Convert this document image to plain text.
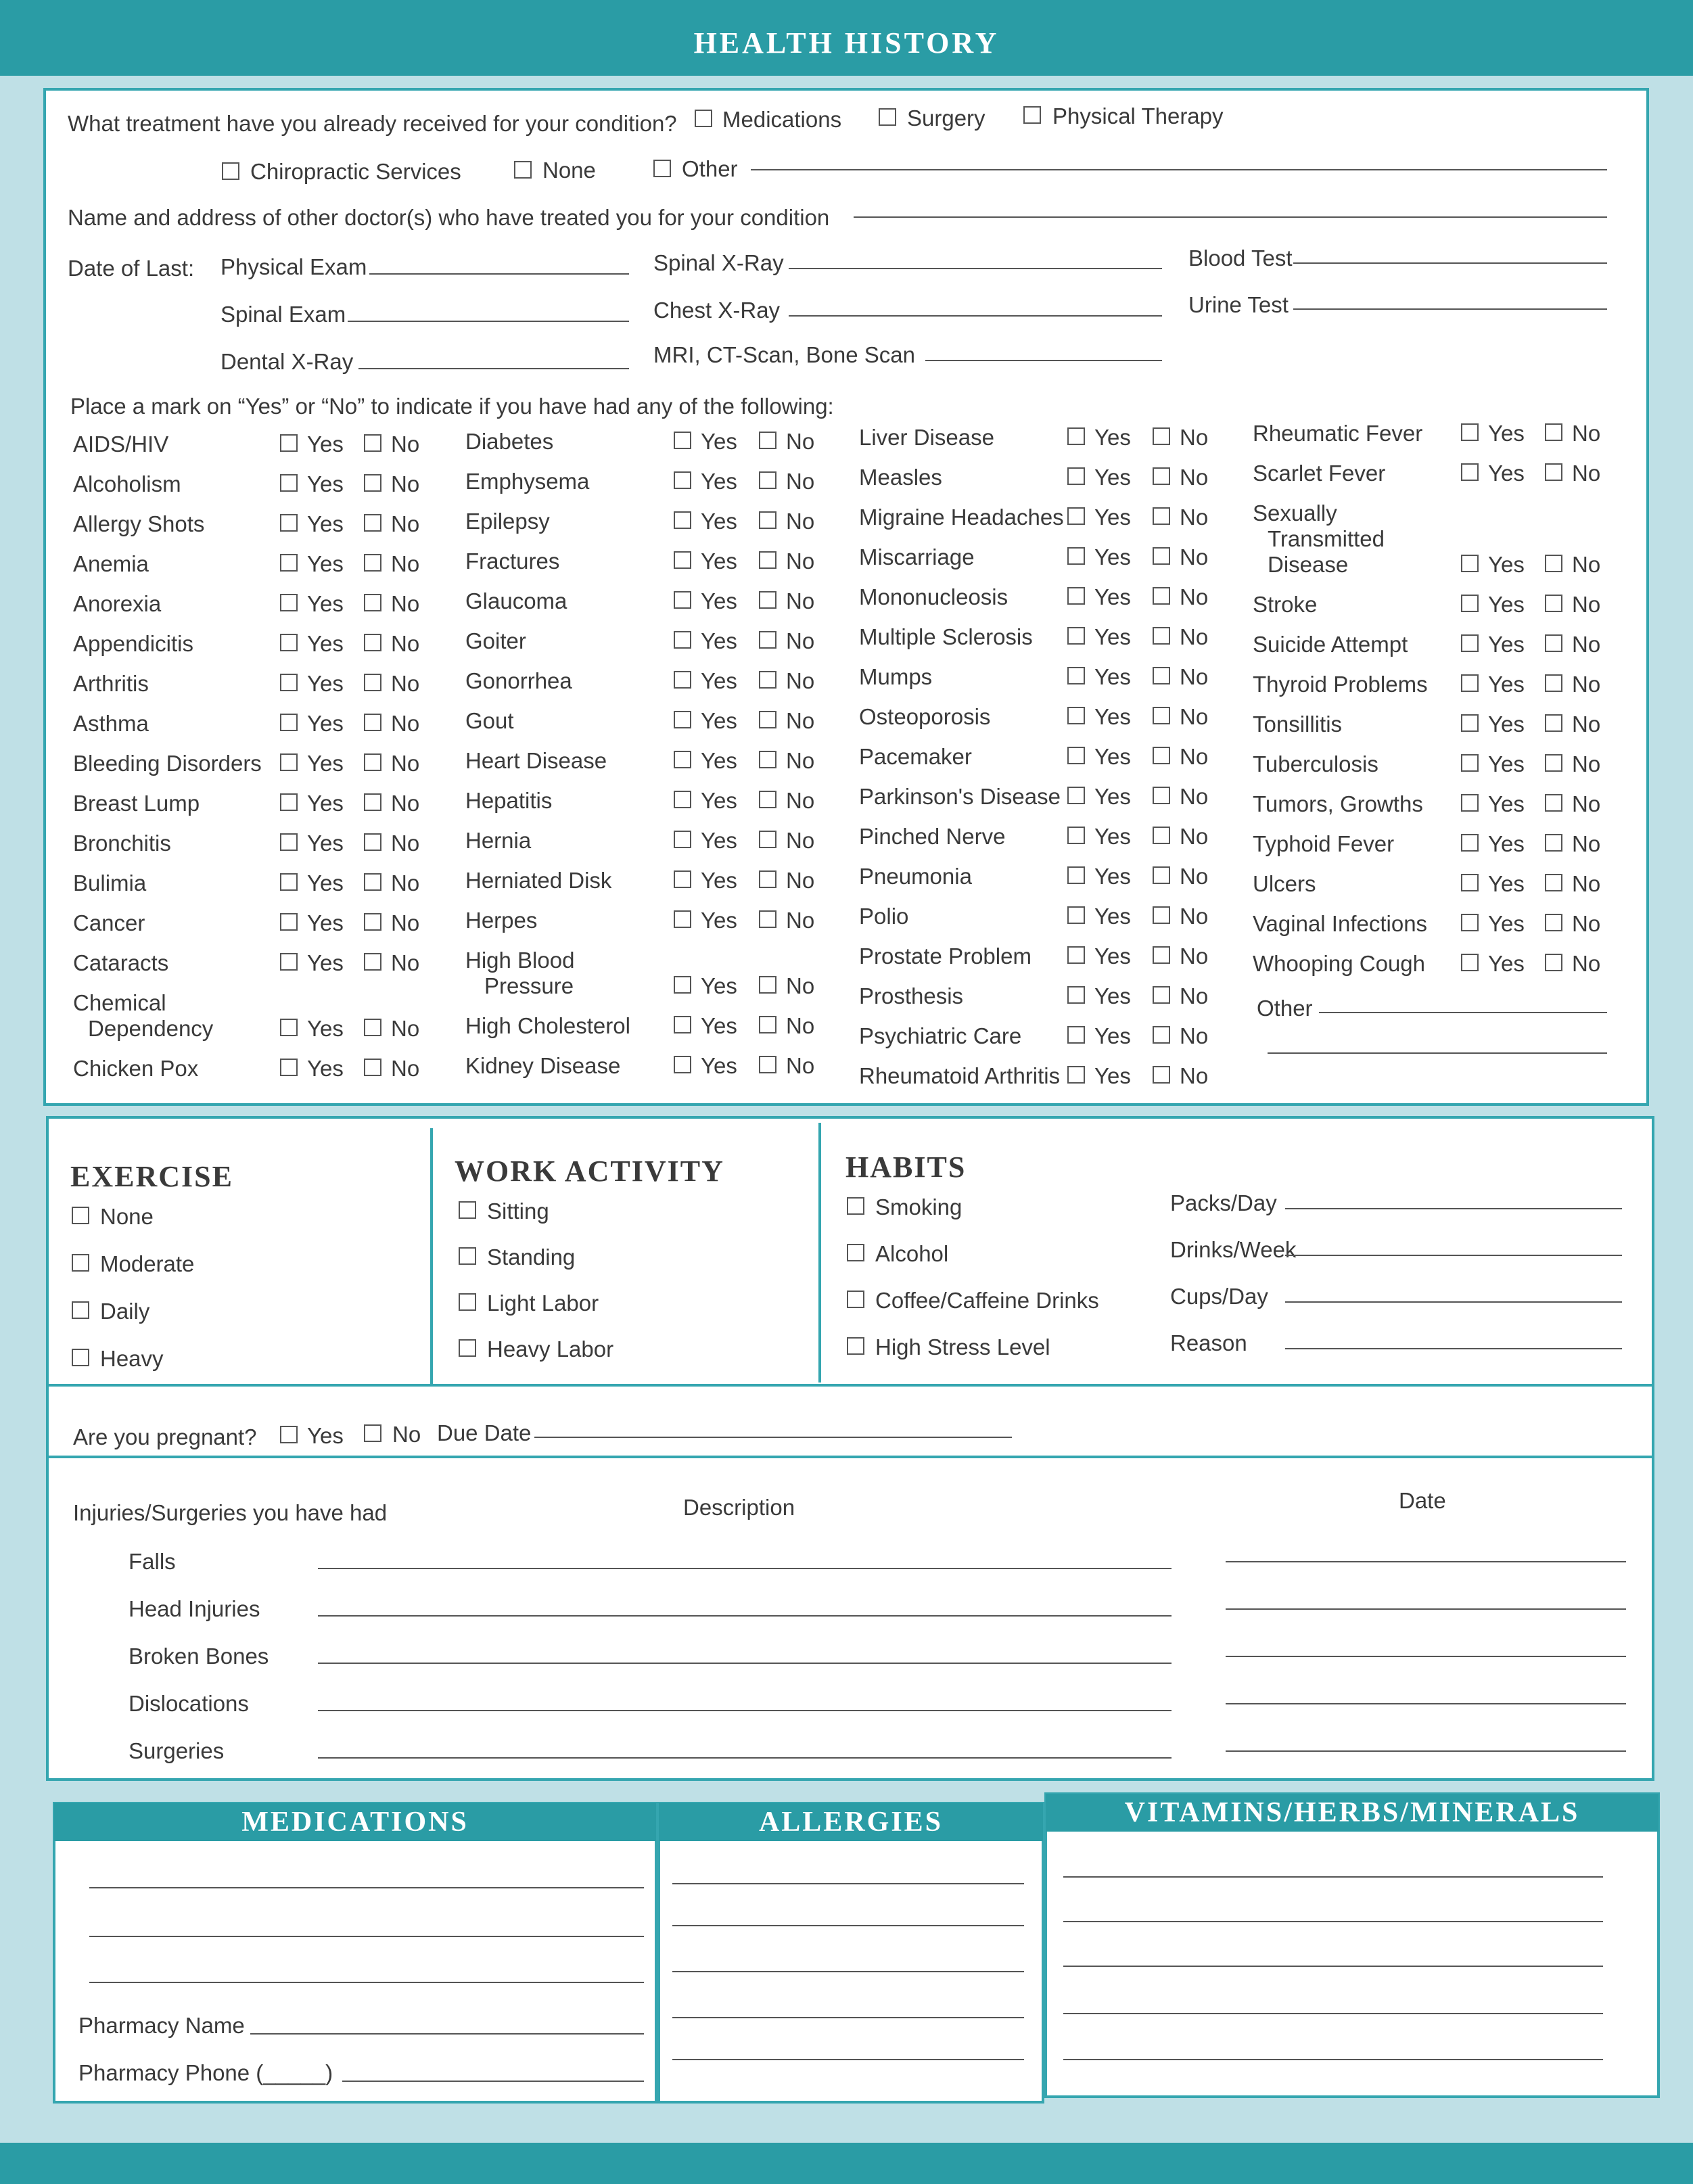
HEALTH HISTORY
What treatment have you already received for your condition? Medications	Surgery	Physical Therapy
Chiropractic Services	None	Other
Name and address of other doctor(s) who have treated you for your condition
Date of Last: Physical Exam	Spinal X-Ray	Blood Test
Spinal Exam	Chest X-Ray	Urine Test
Dental X-Ray	MRI, CT-Scan, Bone Scan
Place a mark on “Yes” or “No” to indicate if you have had any of the following:
Other
EXERCISE	WORK ACTIVITY	HABITS
Are you pregnant? Yes No Due Date
Injuries/Surgeries you have had	Description	Date
MEDICATIONS	ALLERGIES	VITAMINS/HERBS/MINERALS
Pharmacy Name
Pharmacy Phone (_____)
AIDS/HIV	Yes No
Alcoholism	Yes No
Allergy Shots	Yes No
Anemia	Yes No
Anorexia	Yes No
Appendicitis	Yes No
Arthritis	Yes No
Asthma	Yes No
Bleeding Disorders Yes No
Breast Lump	Yes No
Bronchitis	Yes No
Bulimia	Yes No
Cancer	Yes No
Cataracts	Yes No
Chemical
Dependency	Yes No
Chicken Pox	Yes No
Diabetes	Yes No
Emphysema	Yes No
Epilepsy	Yes No
Fractures	Yes No
Glaucoma	Yes No
Goiter	Yes No
Gonorrhea	Yes No
Gout	Yes No
Heart Disease	Yes No
Hepatitis	Yes No
Hernia	Yes No
Herniated Disk	Yes No
Herpes	Yes No
High Blood
Pressure	Yes No
High Cholesterol	Yes No
Kidney Disease	Yes No
Liver Disease	Yes No
Measles	Yes No
Migraine Headaches Yes No
Miscarriage	Yes No
Mononucleosis	Yes No
Multiple Sclerosis	Yes No
Mumps	Yes No
Osteoporosis	Yes No
Pacemaker	Yes No
Parkinson's Disease Yes No
Pinched Nerve	Yes No
Pneumonia	Yes No
Polio	Yes No
Prostate Problem	Yes No
Prosthesis	Yes No
Psychiatric Care	Yes No
Rheumatoid Arthritis Yes No
Rheumatic Fever	Yes No
Scarlet Fever	Yes No
Sexually
Transmitted
Disease	Yes No
Stroke	Yes No
Suicide Attempt	Yes No
Thyroid Problems	Yes No
Tonsillitis	Yes No
Tuberculosis	Yes No
Tumors, Growths	Yes No
Typhoid Fever	Yes No
Ulcers	Yes No
Vaginal Infections	Yes No
Whooping Cough	Yes No
None
Moderate
Daily
Heavy
Sitting
Standing
Light Labor
Heavy Labor
Smoking	Packs/Day
Alcohol	Drinks/Week
Coffee/Caffeine Drinks	Cups/Day
High Stress Level	Reason
Falls
Head Injuries
Broken Bones
Dislocations
Surgeries
